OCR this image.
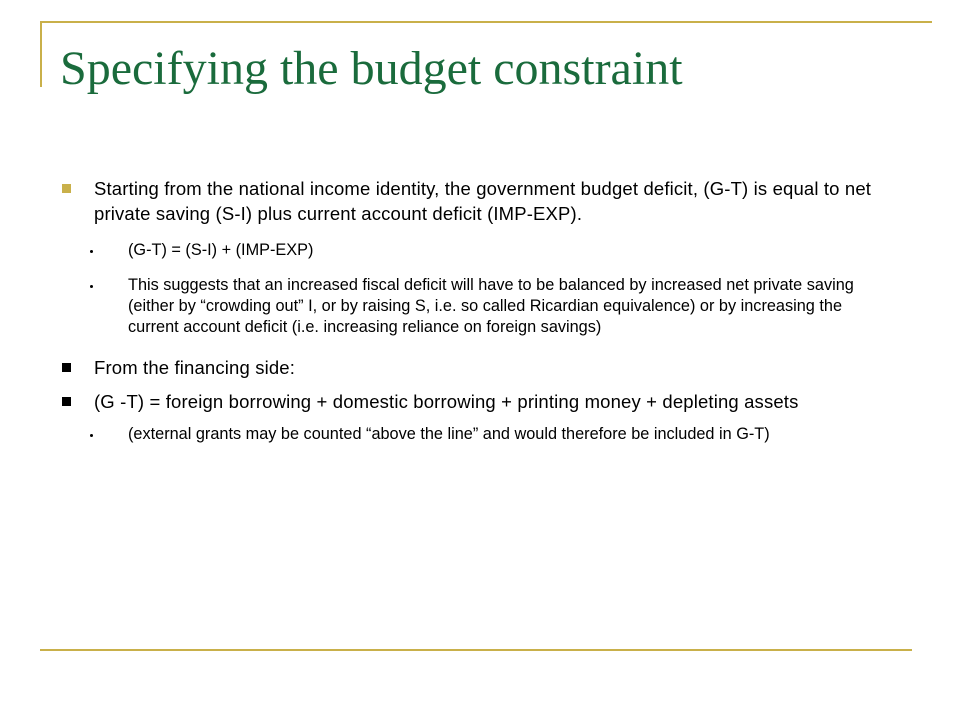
Specifying the budget constraint
Starting from the national income identity, the government budget deficit, (G-T) is equal to net private saving (S-I) plus current account deficit (IMP-EXP).
(G-T) = (S-I) + (IMP-EXP)
This suggests that an increased fiscal deficit will have to be balanced by increased net private saving (either by “crowding out” I, or by raising S, i.e. so called Ricardian equivalence) or by increasing the current account deficit (i.e. increasing reliance on foreign savings)
From the financing side:
(G -T) = foreign borrowing + domestic borrowing + printing money + depleting assets
(external grants may be counted “above the line” and would therefore be included in G-T)
